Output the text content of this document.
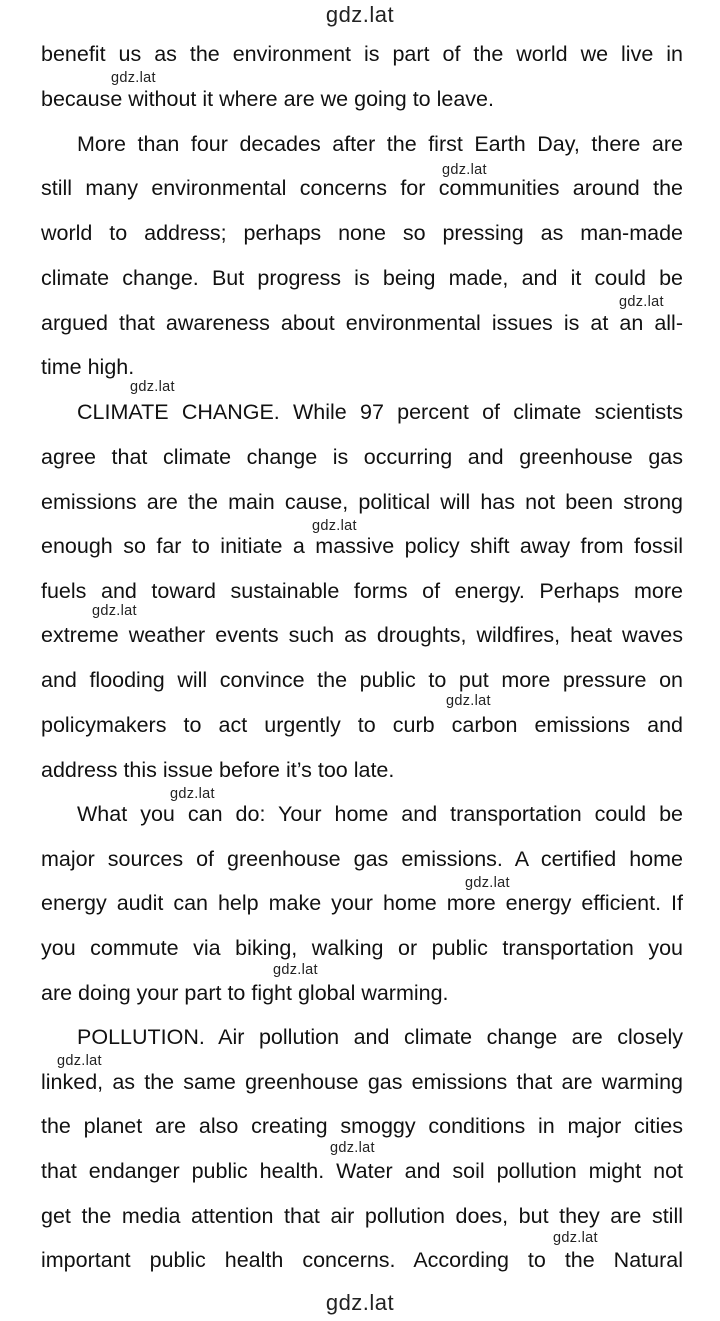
gdz.lat
benefit us as the environment is part of the world we live in
because without it where are we going to leave.
More than four decades after the first Earth Day, there are
still many environmental concerns for communities around the
world to address; perhaps none so pressing as man-made
climate change. But progress is being made, and it could be
argued that awareness about environmental issues is at an all-
time high.
CLIMATE CHANGE. While 97 percent of climate scientists
agree that climate change is occurring and greenhouse gas
emissions are the main cause, political will has not been strong
enough so far to initiate a massive policy shift away from fossil
fuels and toward sustainable forms of energy. Perhaps more
extreme weather events such as droughts, wildfires, heat waves
and flooding will convince the public to put more pressure on
policymakers to act urgently to curb carbon emissions and
address this issue before it’s too late.
What you can do: Your home and transportation could be
major sources of greenhouse gas emissions. A certified home
energy audit can help make your home more energy efficient. If
you commute via biking, walking or public transportation you
are doing your part to fight global warming.
POLLUTION. Air pollution and climate change are closely
linked, as the same greenhouse gas emissions that are warming
the planet are also creating smoggy conditions in major cities
that endanger public health. Water and soil pollution might not
get the media attention that air pollution does, but they are still
important public health concerns. According to the Natural
gdz.lat
gdz.lat
gdz.lat
gdz.lat
gdz.lat
gdz.lat
gdz.lat
gdz.lat
gdz.lat
gdz.lat
gdz.lat
gdz.lat
gdz.lat
gdz.lat
